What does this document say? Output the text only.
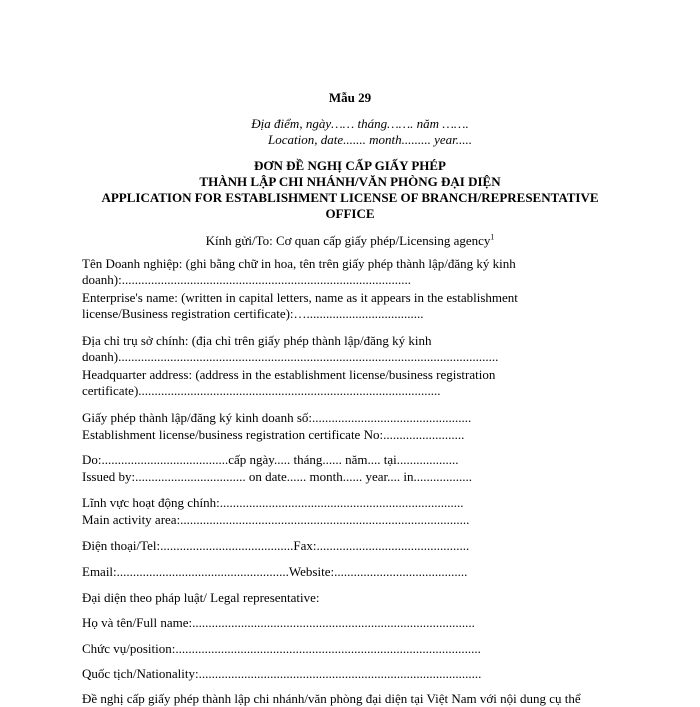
Mẫu 29
Địa điểm, ngày…… tháng……. năm …….
Location, date....... month......... year.....
ĐƠN ĐỀ NGHỊ CẤP GIẤY PHÉP
THÀNH LẬP CHI NHÁNH/VĂN PHÒNG ĐẠI DIỆN
APPLICATION FOR ESTABLISHMENT LICENSE OF BRANCH/REPRESENTATIVE
OFFICE
Kính gửi/To: Cơ quan cấp giấy phép/Licensing agency$^1$
Tên Doanh nghiệp: (ghi bằng chữ in hoa, tên trên giấy phép thành lập/đăng ký kinh
doanh):.........................................................................................
Enterprise's name: (written in capital letters, name as it appears in the establishment
license/Business registration certificate):…....................................
Địa chỉ trụ sở chính: (địa chỉ trên giấy phép thành lập/đăng ký kinh
doanh).....................................................................................................................
Headquarter address: (address in the establishment license/business registration
certificate).............................................................................................
Giấy phép thành lập/đăng ký kinh doanh số:.................................................
Establishment license/business registration certificate No:.........................
Do:.......................................cấp ngày..... tháng...... năm.... tại...................
Issued by:.................................. on date...... month...... year.... in..................
Lĩnh vực hoạt động chính:...........................................................................
Main activity area:.........................................................................................
Điện thoại/Tel:.........................................Fax:...............................................
Email:.....................................................Website:.........................................
Đại diện theo pháp luật/ Legal representative:
Họ và tên/Full name:.......................................................................................
Chức vụ/position:..............................................................................................
Quốc tịch/Nationality:.......................................................................................
Đề nghị cấp giấy phép thành lập chi nhánh/văn phòng đại diện tại Việt Nam với nội dung cụ thể
